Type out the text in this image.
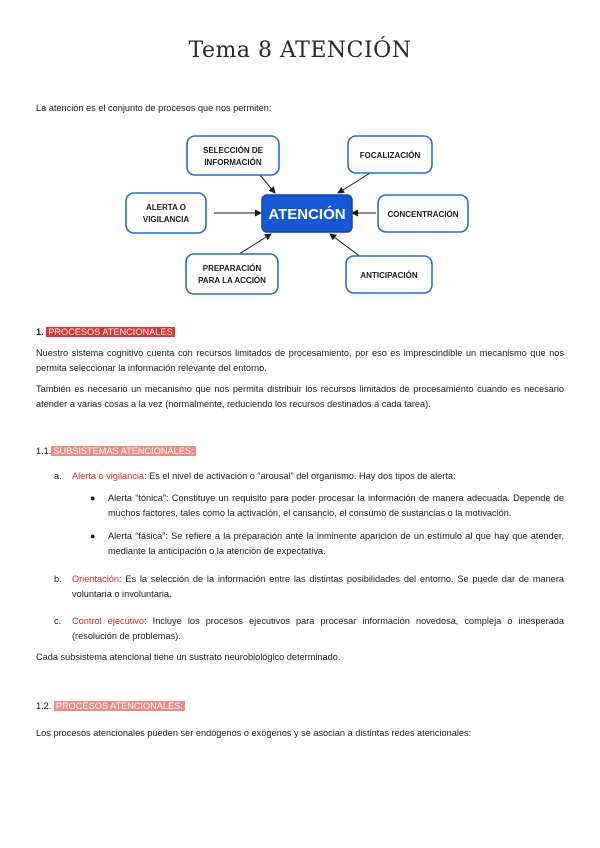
Tema 8 ATENCIÓN
La atención es el conjunto de procesos que nos permiten:
ATENCIÓN
SELECCIÓN DE
INFORMACIÓN
FOCALIZACIÓN
ALERTA O
VIGILANCIA
CONCENTRACIÓN
PREPARACIÓN
PARA LA ACCIÓN
ANTICIPACIÓN
1. PROCESOS ATENCIONALES
Nuestro sistema cognitivo cuenta con recursos limitados de procesamiento, por eso es imprescindible un mecanismo que nos permita seleccionar la información relevante del entorno.
También es necesario un mecanismo que nos permita distribuir los recursos limitados de procesamiento cuando es necesario atender a varias cosas a la vez (normalmente, reduciendo los recursos destinados a cada tarea).
1.1. SUBSISTEMAS ATENCIONALES:
a. Alerta o vigilancia: Es el nivel de activación o “arousal” del organismo. Hay dos tipos de alerta:
● Alerta “tónica”: Constituye un requisito para poder procesar la información de manera adecuada. Depende de muchos factores, tales como la activación, el cansancio, el consumo de sustancias o la motivación.
● Alerta “fásica”: Se refiere a la preparación ante la inminente aparición de un estímulo al que hay que atender, mediante la anticipación o la atención de expectativa.
b. Orientación: Es la selección de la información entre las distintas posibilidades del entorno. Se puede dar de manera voluntaria o involuntaria.
c. Control ejecutivo: Incluye los procesos ejecutivos para procesar información novedosa, compleja o inesperada (resolución de problemas).
Cada subsistema atencional tiene un sustrato neurobiológico determinado.
1.2. PROCESOS ATENCIONALES:
Los procesos atencionales pueden ser endógenos o exógenos y se asocian a distintas redes atencionales:
